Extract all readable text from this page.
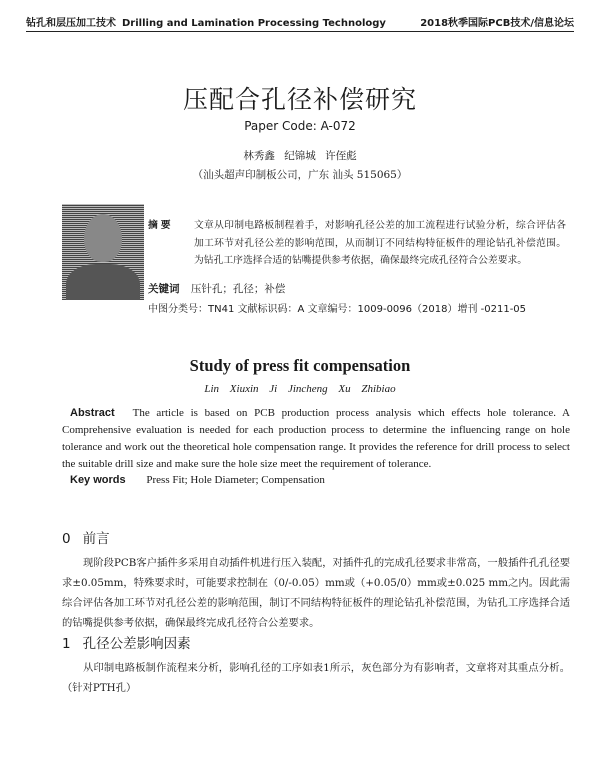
钻孔和层压加工技术 Drilling and Lamination Processing Technology	2018秋季国际PCB技术/信息论坛
压配合孔径补偿研究
Paper Code: A-072
林秀鑫 纪锦城 许侄彪
（汕头超声印制板公司，广东 汕头 515065）
摘要 文章从印制电路板制程着手，对影响孔径公差的加工流程进行试验分析，综合评估各加工环节对孔径公差的影响范围，从而制订不同结构特征板件的理论钻孔补偿范围。为钻孔工序选择合适的钻嘴提供参考依据，确保最终完成孔径符合公差要求。
关键词 压针孔；孔径；补偿
中图分类号：TN41 文献标识码：A 文章编号：1009-0096（2018）增刊 -0211-05
Study of press fit compensation
Lin Xiuxin Ji Jincheng Xu Zhibiao
Abstract The article is based on PCB production process analysis which effects hole tolerance. A Comprehensive evaluation is needed for each production process to determine the influencing range on hole tolerance and work out the theoretical hole compensation range. It provides the reference for drill process to select the suitable drill size and make sure the hole size meet the requirement of tolerance.
Key words Press Fit; Hole Diameter; Compensation
0 前言
现阶段PCB客户插件多采用自动插件机进行压入装配，对插件孔的完成孔径要求非常高，一般插件孔孔径要求±0.05mm，特殊要求时，可能要求控制在（0/-0.05）mm或（+0.05/0）mm或±0.025 mm之内。因此需综合评估各加工环节对孔径公差的影响范围，制订不同结构特征板件的理论钻孔补偿范围，为钻孔工序选择合适的钻嘴提供参考依据，确保最终完成孔径符合公差要求。
1 孔径公差影响因素
从印制电路板制作流程来分析，影响孔径的工序如表1所示，灰色部分为有影响者，文章将对其重点分析。（针对PTH孔）
